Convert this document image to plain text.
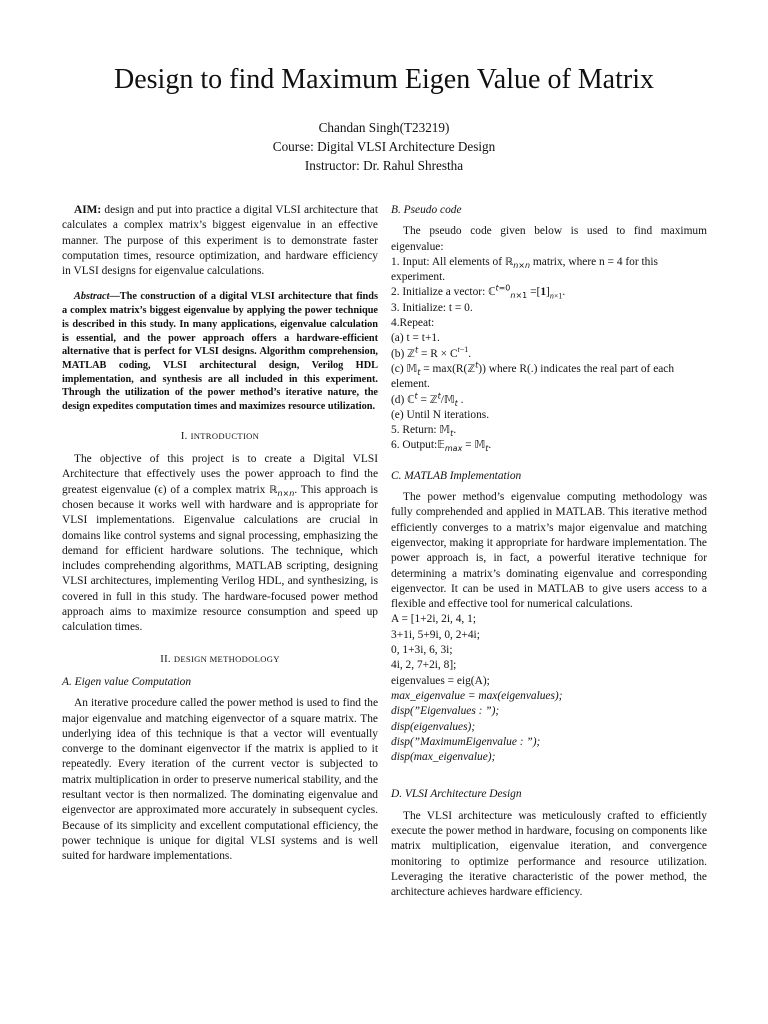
Design to find Maximum Eigen Value of Matrix
Chandan Singh(T23219)
Course: Digital VLSI Architecture Design
Instructor: Dr. Rahul Shrestha

AIM: design and put into practice a digital VLSI architecture that calculates a complex matrix’s biggest eigenvalue in an effective manner. The purpose of this experiment is to demonstrate faster computation times, resource optimization, and hardware efficiency in VLSI designs for eigenvalue calculations.

Abstract—The construction of a digital VLSI architecture that finds a complex matrix’s biggest eigenvalue by applying the power technique is described in this study. In many applications, eigenvalue calculation is essential, and the power approach offers a hardware-efficient alternative that is perfect for VLSI designs. Algorithm comprehension, MATLAB coding, VLSI architectural design, Verilog HDL implementation, and synthesis are all included in this experiment. Through the utilization of the power method’s iterative nature, the design expedites computation times and maximizes resource utilization.

I. INTRODUCTION

The objective of this project is to create a Digital VLSI Architecture that effectively uses the power approach to find the greatest eigenvalue (ϵ) of a complex matrix ℝ$_{n\times n}$. This approach is chosen because it works well with hardware and is appropriate for VLSI implementations. Eigenvalue calculations are crucial in domains like control systems and signal processing, emphasizing the demand for efficient hardware solutions. The technique, which includes comprehending algorithms, MATLAB scripting, designing VLSI architectures, implementing Verilog HDL, and synthesizing, is covered in full in this study. The hardware-focused power method approach aims to maximize resource consumption and speed up calculation times.

II. DESIGN METHODOLOGY
A. Eigen value Computation

An iterative procedure called the power method is used to find the major eigenvalue and matching eigenvector of a square matrix. The underlying idea of this technique is that a vector will eventually converge to the dominant eigenvector if the matrix is applied to it repeatedly. Every iteration of the current vector is subjected to matrix multiplication in order to preserve numerical stability, and the resultant vector is then normalized. The dominating eigenvalue and eigenvector are approximated more accurately in subsequent cycles. Because of its simplicity and excellent computational efficiency, the power technique is unique for digital VLSI systems and is well suited for hardware implementations.

B. Pseudo code

The pseudo code given below is used to find maximum eigenvalue:

1. Input: All elements of ℝ$_{n\times n}$ matrix, where n = 4 for this experiment.

2. Initialize a vector: ℂ$^{t=0}_{n\times 1}$ $=[1]_{n\times 1}$.

3. Initialize: t = 0.

4.Repeat:

(a) t = t+1.

(b) ℤ$^t$ = $R \times C^{t-1}$.

(c) 𝕄$_t$ = max(R(ℤ$^t$)) where R(.) indicates the real part of each element.

(d) ℂ$^t$ = ℤ$^t$/𝕄$_t$ .

(e) Until N iterations.

5. Return: 𝕄$_t$.

6. Output:𝔼$_{max}$ = 𝕄$_t$.

C. MATLAB Implementation

The power method’s eigenvalue computing methodology was fully comprehended and applied in MATLAB. This iterative method efficiently converges to a matrix’s major eigenvalue and matching eigenvector, making it appropriate for hardware implementation. The power approach is, in fact, a powerful iterative technique for determining a matrix’s dominating eigenvalue and corresponding eigenvector. It can be used in MATLAB to give users access to a flexible and effective tool for numerical calculations.

A = [1+2i, 2i, 4, 1;

3+1i, 5+9i, 0, 2+4i;

0, 1+3i, 6, 3i;

4i, 2, 7+2i, 8];

eigenvalues = eig(A);

max_eigenvalue = max(eigenvalues);

disp(”Eigenvalues : ”);

disp(eigenvalues);

disp(”MaximumEigenvalue : ”);

disp(max_eigenvalue);

D. VLSI Architecture Design

The VLSI architecture was meticulously crafted to efficiently execute the power method in hardware, focusing on components like matrix multiplication, eigenvalue iteration, and convergence monitoring to optimize performance and resource utilization. Leveraging the iterative characteristic of the power method, the architecture achieves hardware efficiency.
